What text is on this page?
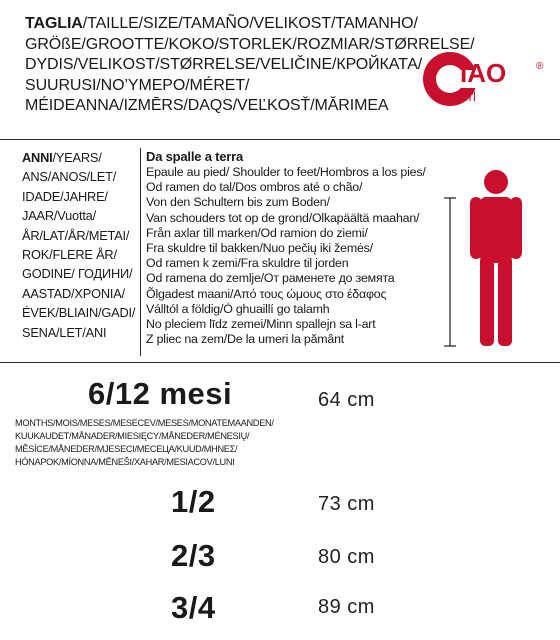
TAGLIA/TAILLE/SIZE/TAMAÑO/VELIKOST/TAMANHO/
GRÖßE/GROOTTE/KOKO/STORLEK/ROZMIAR/STØRRELSE/
DYDIS/VELIKOST/STØRRELSE/VELIČINE/КРОЙКАТА/
SUURUSI/ΝΟ’ΥΜΕΡΟ/MÉRET/
MÉIDEANNA/IZMĒRS/DAQS/VEĽKOSŤ/MĂRIMEA
IAO
Srl
®
ANNI/YEARS/
ANS/ANOS/LET/
IDADE/JAHRE/
JAAR/Vuotta/
ÅR/LAT/ÅR/METAI/
ROK/FLERE ÅR/
GODINE/ ГОДИНИ/
AASTAD/ΧΡΟΝΙΑ/
ÉVEK/BLIAIN/GADI/
SENA/LET/ANI
Da spalle a terra
Epaule au pied/ Shoulder to feet/Hombros a los pies/
Od ramen do tal/Dos ombros até o chão/
Von den Schultern bis zum Boden/
Van schouders tot op de grond/Olkapäältä maahan/
Från axlar till marken/Od ramion do ziemi/
Fra skuldre til bakken/Nuo pečių iki žemės/
Od ramen k zemi/Fra skuldre til jorden
Od ramena do zemlje/От раменете до земята
Õlgadest maani/Από τους ώμους στο έδαφος
Válltól a földig/Ó ghuaillí go talamh
No pleciem līdz zemei/Minn spallejn sa l-art
Z pliec na zem/De la umeri la pământ
6/12 mesi	64 cm
MONTHS/MOIS/MESES/MESECEV/MESES/MONATEMAANDEN/
KUUKAUDET/MÅNADER/MIESIĘCY/MÅNEDER/MĖNESIŲ/
MĚSÍCE/MÅNEDER/MJESECI/MECEЦA/KUUD/MHNEΣ/
HÓNAPOK/MÍONNA/MĒNEŠI/XAHAR/MESIACOV/LUNI
1/2	73 cm
2/3	80 cm
3/4	89 cm
